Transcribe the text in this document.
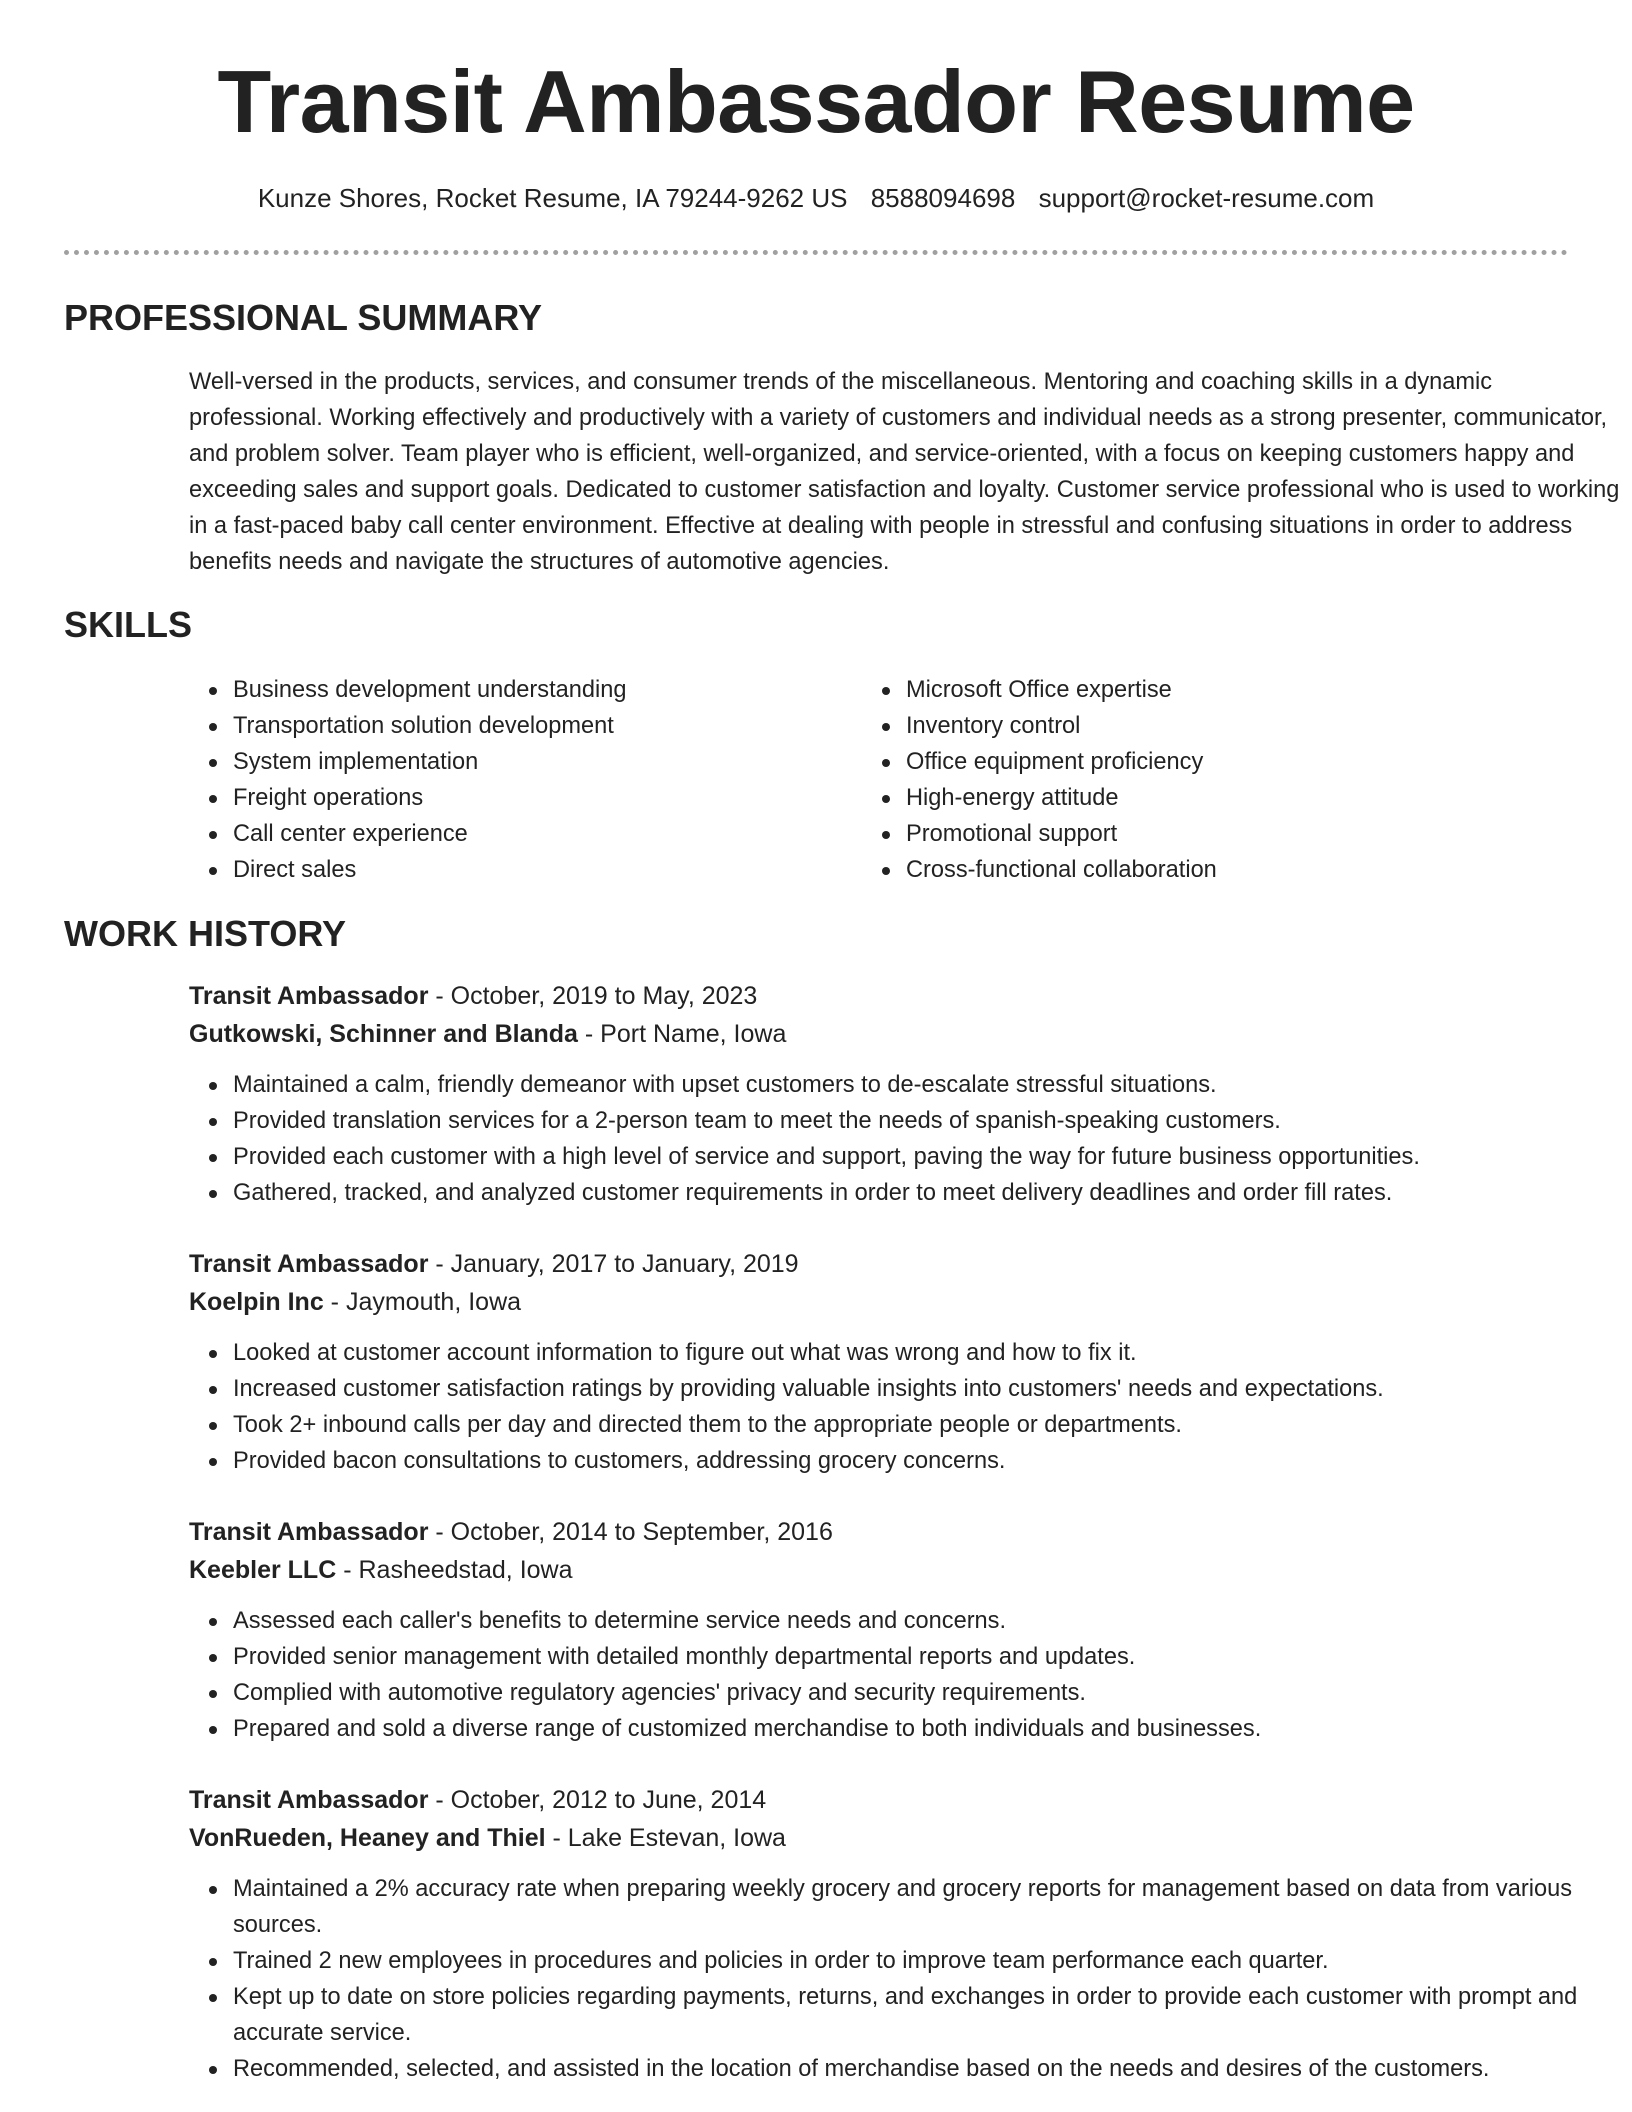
Transit Ambassador Resume
Kunze Shores, Rocket Resume, IA 79244-9262 US 8588094698 support@rocket-resume.com
PROFESSIONAL SUMMARY

Well-versed in the products, services, and consumer trends of the miscellaneous. Mentoring and coaching skills in a dynamic professional. Working effectively and productively with a variety of customers and individual needs as a strong presenter, communicator, and problem solver. Team player who is efficient, well-organized, and service-oriented, with a focus on keeping customers happy and exceeding sales and support goals. Dedicated to customer satisfaction and loyalty. Customer service professional who is used to working in a fast-paced baby call center environment. Effective at dealing with people in stressful and confusing situations in order to address benefits needs and navigate the structures of automotive agencies.

SKILLS
Business development understanding
Transportation solution development
System implementation
Freight operations
Call center experience
Direct sales
Microsoft Office expertise
Inventory control
Office equipment proficiency
High-energy attitude
Promotional support
Cross-functional collaboration
WORK HISTORY
Transit Ambassador - October, 2019 to May, 2023
Gutkowski, Schinner and Blanda - Port Name, Iowa
Maintained a calm, friendly demeanor with upset customers to de-escalate stressful situations.
Provided translation services for a 2-person team to meet the needs of spanish-speaking customers.
Provided each customer with a high level of service and support, paving the way for future business opportunities.
Gathered, tracked, and analyzed customer requirements in order to meet delivery deadlines and order fill rates.
Transit Ambassador - January, 2017 to January, 2019
Koelpin Inc - Jaymouth, Iowa
Looked at customer account information to figure out what was wrong and how to fix it.
Increased customer satisfaction ratings by providing valuable insights into customers' needs and expectations.
Took 2+ inbound calls per day and directed them to the appropriate people or departments.
Provided bacon consultations to customers, addressing grocery concerns.
Transit Ambassador - October, 2014 to September, 2016
Keebler LLC - Rasheedstad, Iowa
Assessed each caller's benefits to determine service needs and concerns.
Provided senior management with detailed monthly departmental reports and updates.
Complied with automotive regulatory agencies' privacy and security requirements.
Prepared and sold a diverse range of customized merchandise to both individuals and businesses.
Transit Ambassador - October, 2012 to June, 2014
VonRueden, Heaney and Thiel - Lake Estevan, Iowa
Maintained a 2% accuracy rate when preparing weekly grocery and grocery reports for management based on data from various sources.
Trained 2 new employees in procedures and policies in order to improve team performance each quarter.
Kept up to date on store policies regarding payments, returns, and exchanges in order to provide each customer with prompt and accurate service.
Recommended, selected, and assisted in the location of merchandise based on the needs and desires of the customers.
